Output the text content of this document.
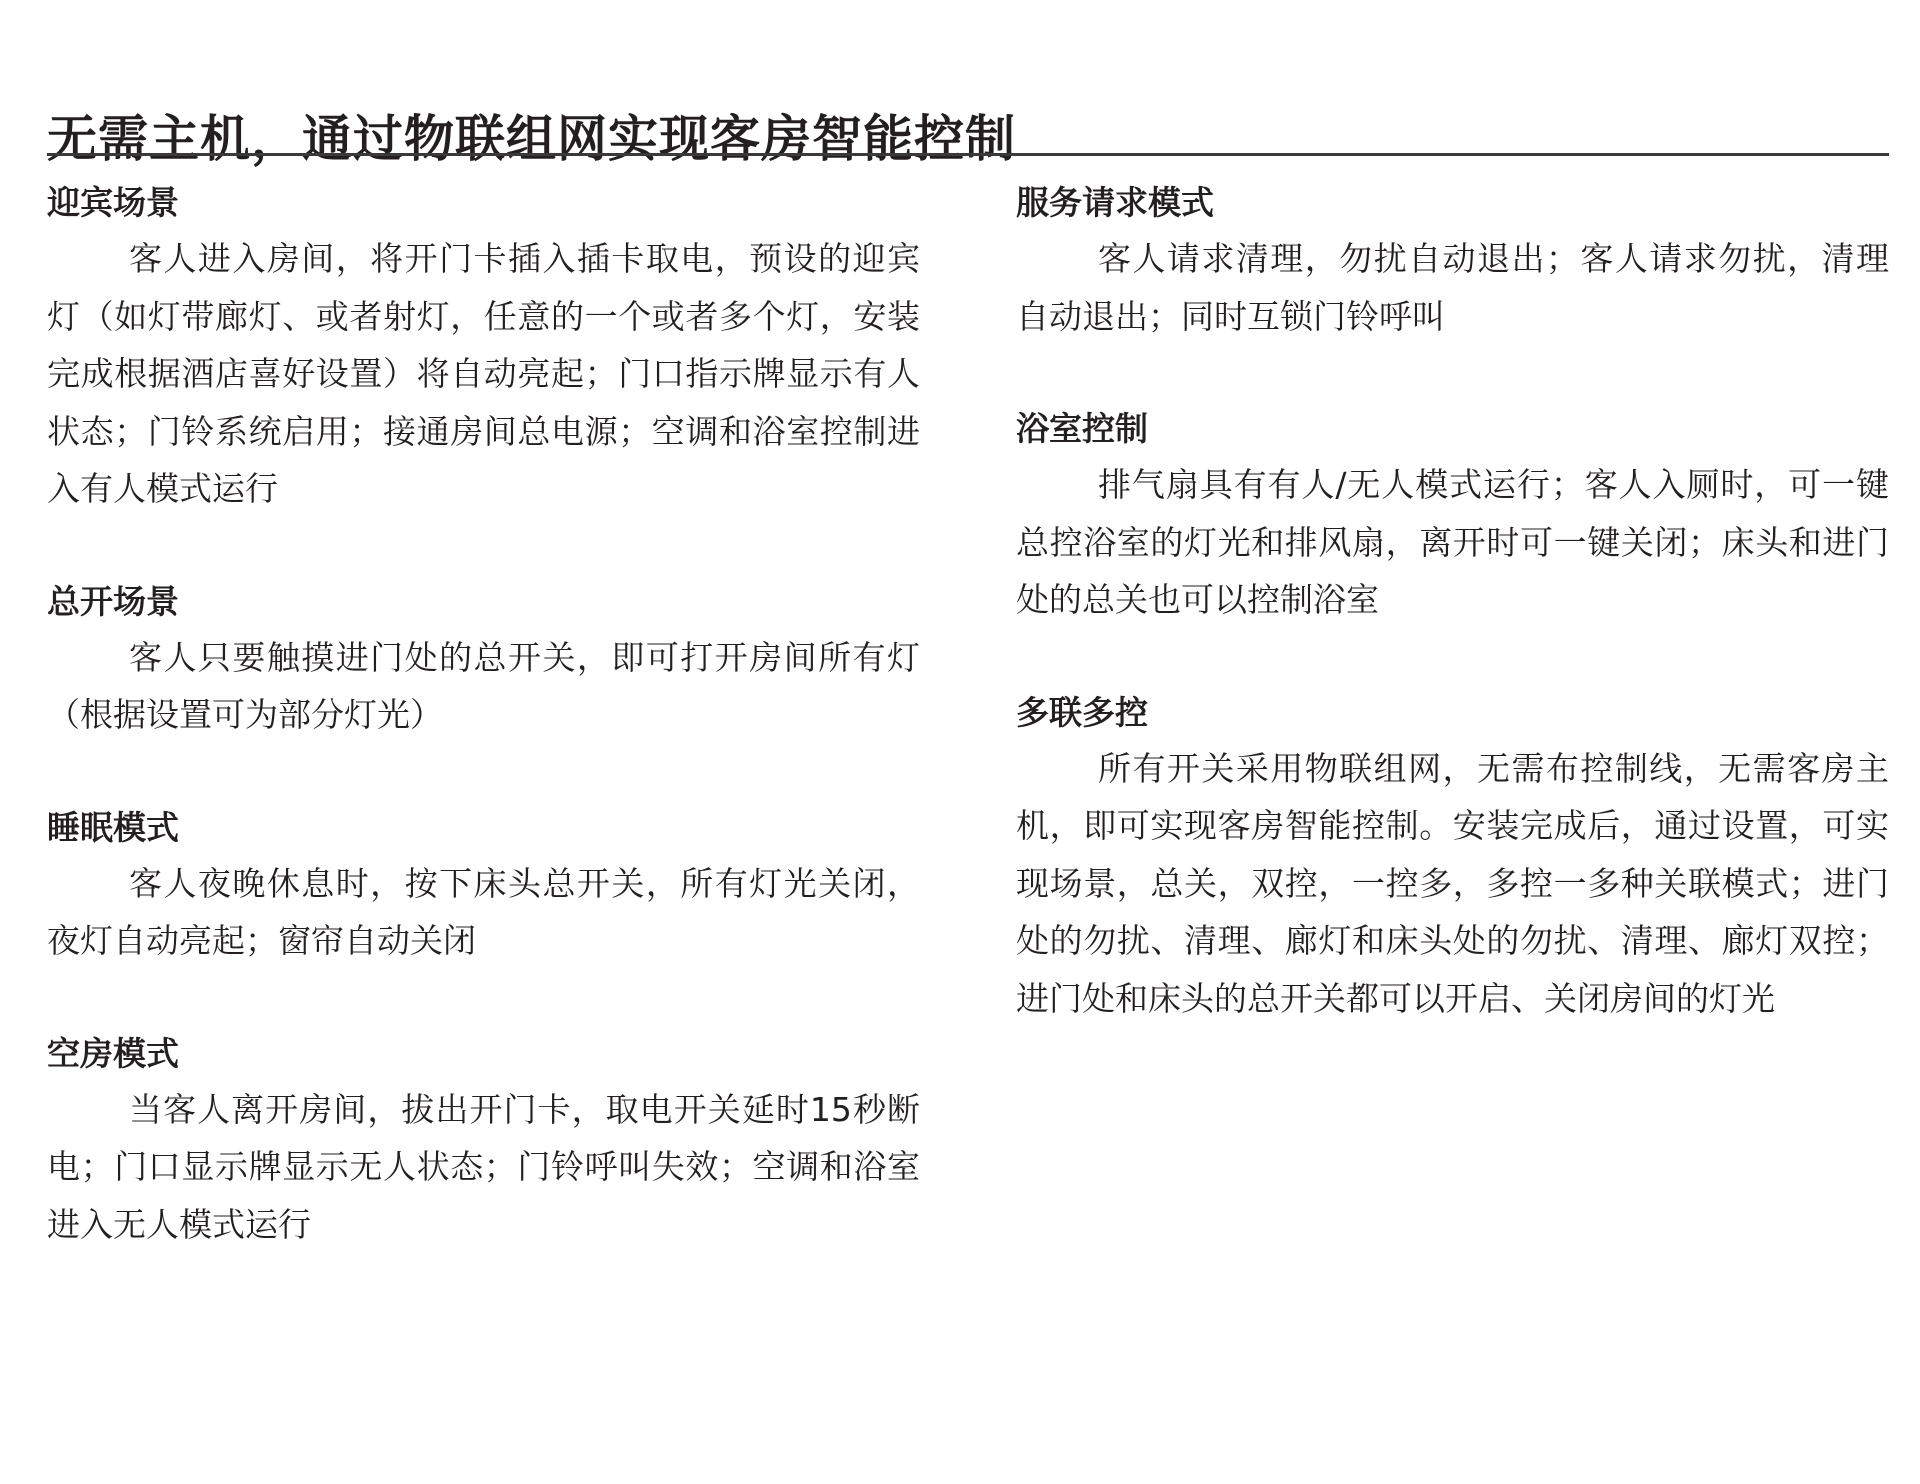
无需主机，通过物联组网实现客房智能控制
迎宾场景

客人进入房间，将开门卡插入插卡取电，预设的迎宾灯（如灯带廊灯、或者射灯，任意的一个或者多个灯，安装完成根据酒店喜好设置）将自动亮起；门口指示牌显示有人状态；门铃系统启用；接通房间总电源；空调和浴室控制进入有人模式运行

总开场景

客人只要触摸进门处的总开关，即可打开房间所有灯（根据设置可为部分灯光）

睡眠模式

客人夜晚休息时，按下床头总开关，所有灯光关闭，夜灯自动亮起；窗帘自动关闭

空房模式

当客人离开房间，拔出开门卡，取电开关延时15秒断电；门口显示牌显示无人状态；门铃呼叫失效；空调和浴室进入无人模式运行

服务请求模式

客人请求清理，勿扰自动退出；客人请求勿扰，清理自动退出；同时互锁门铃呼叫

浴室控制

排气扇具有有人/无人模式运行；客人入厕时，可一键总控浴室的灯光和排风扇，离开时可一键关闭；床头和进门处的总关也可以控制浴室

多联多控

所有开关采用物联组网，无需布控制线，无需客房主机，即可实现客房智能控制。安装完成后，通过设置，可实现场景，总关，双控，一控多，多控一多种关联模式；进门处的勿扰、清理、廊灯和床头处的勿扰、清理、廊灯双控；进门处和床头的总开关都可以开启、关闭房间的灯光
